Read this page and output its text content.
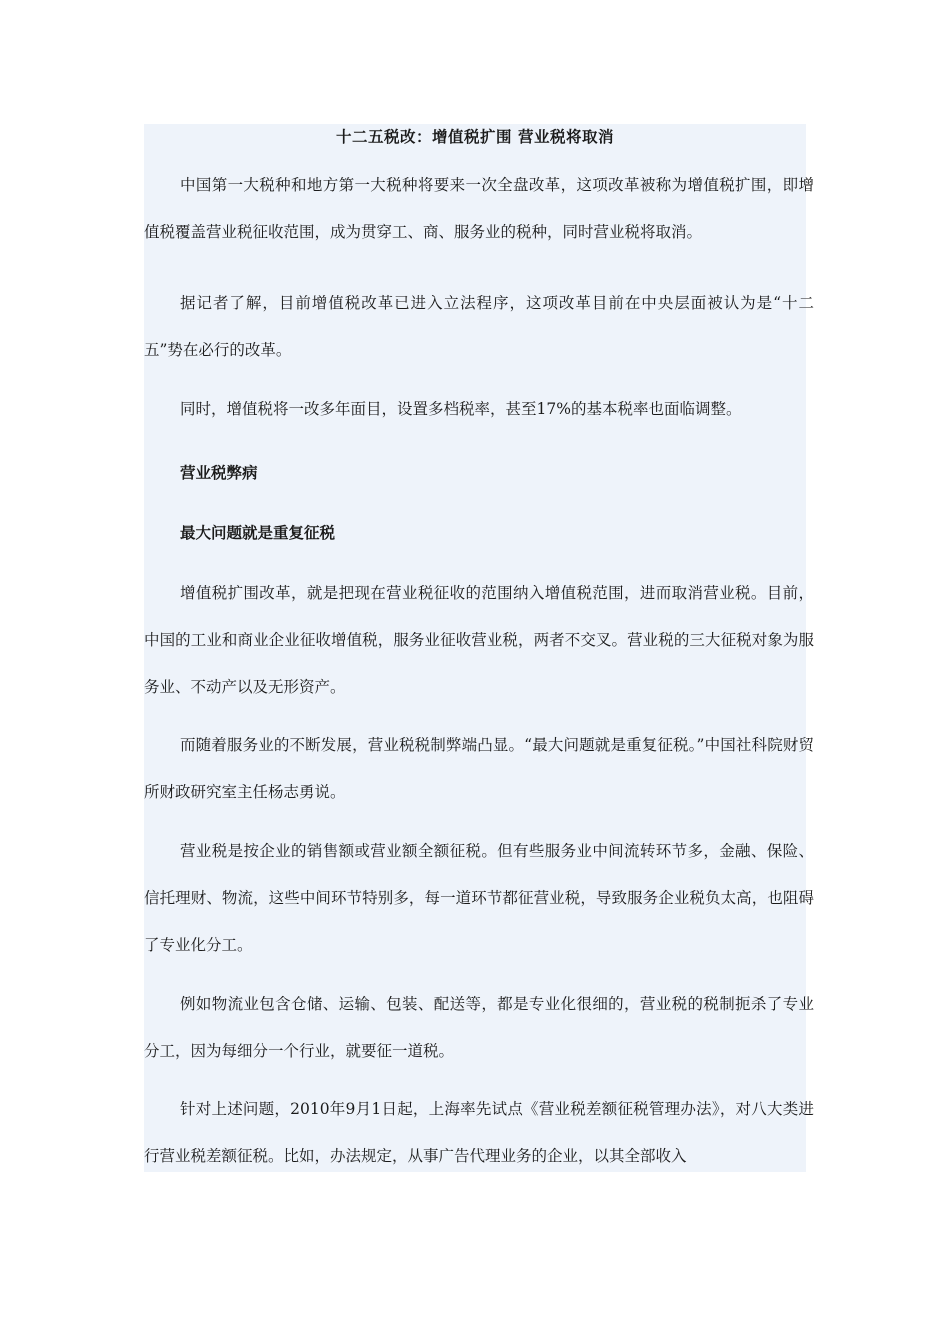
十二五税改：增值税扩围 营业税将取消

中国第一大税种和地方第一大税种将要来一次全盘改革，这项改革被称为增值税扩围，即增值税覆盖营业税征收范围，成为贯穿工、商、服务业的税种，同时营业税将取消。

据记者了解，目前增值税改革已进入立法程序，这项改革目前在中央层面被认为是“十二五”势在必行的改革。

同时，增值税将一改多年面目，设置多档税率，甚至17%的基本税率也面临调整。

营业税弊病

最大问题就是重复征税

增值税扩围改革，就是把现在营业税征收的范围纳入增值税范围，进而取消营业税。目前，中国的工业和商业企业征收增值税，服务业征收营业税，两者不交叉。营业税的三大征税对象为服务业、不动产以及无形资产。

而随着服务业的不断发展，营业税税制弊端凸显。“最大问题就是重复征税。”中国社科院财贸所财政研究室主任杨志勇说。

营业税是按企业的销售额或营业额全额征税。但有些服务业中间流转环节多，金融、保险、信托理财、物流，这些中间环节特别多，每一道环节都征营业税，导致服务企业税负太高，也阻碍了专业化分工。

例如物流业包含仓储、运输、包装、配送等，都是专业化很细的，营业税的税制扼杀了专业分工，因为每细分一个行业，就要征一道税。

针对上述问题，2010年9月1日起，上海率先试点《营业税差额征税管理办法》，对八大类进行营业税差额征税。比如，办法规定，从事广告代理业务的企业，以其全部收入
